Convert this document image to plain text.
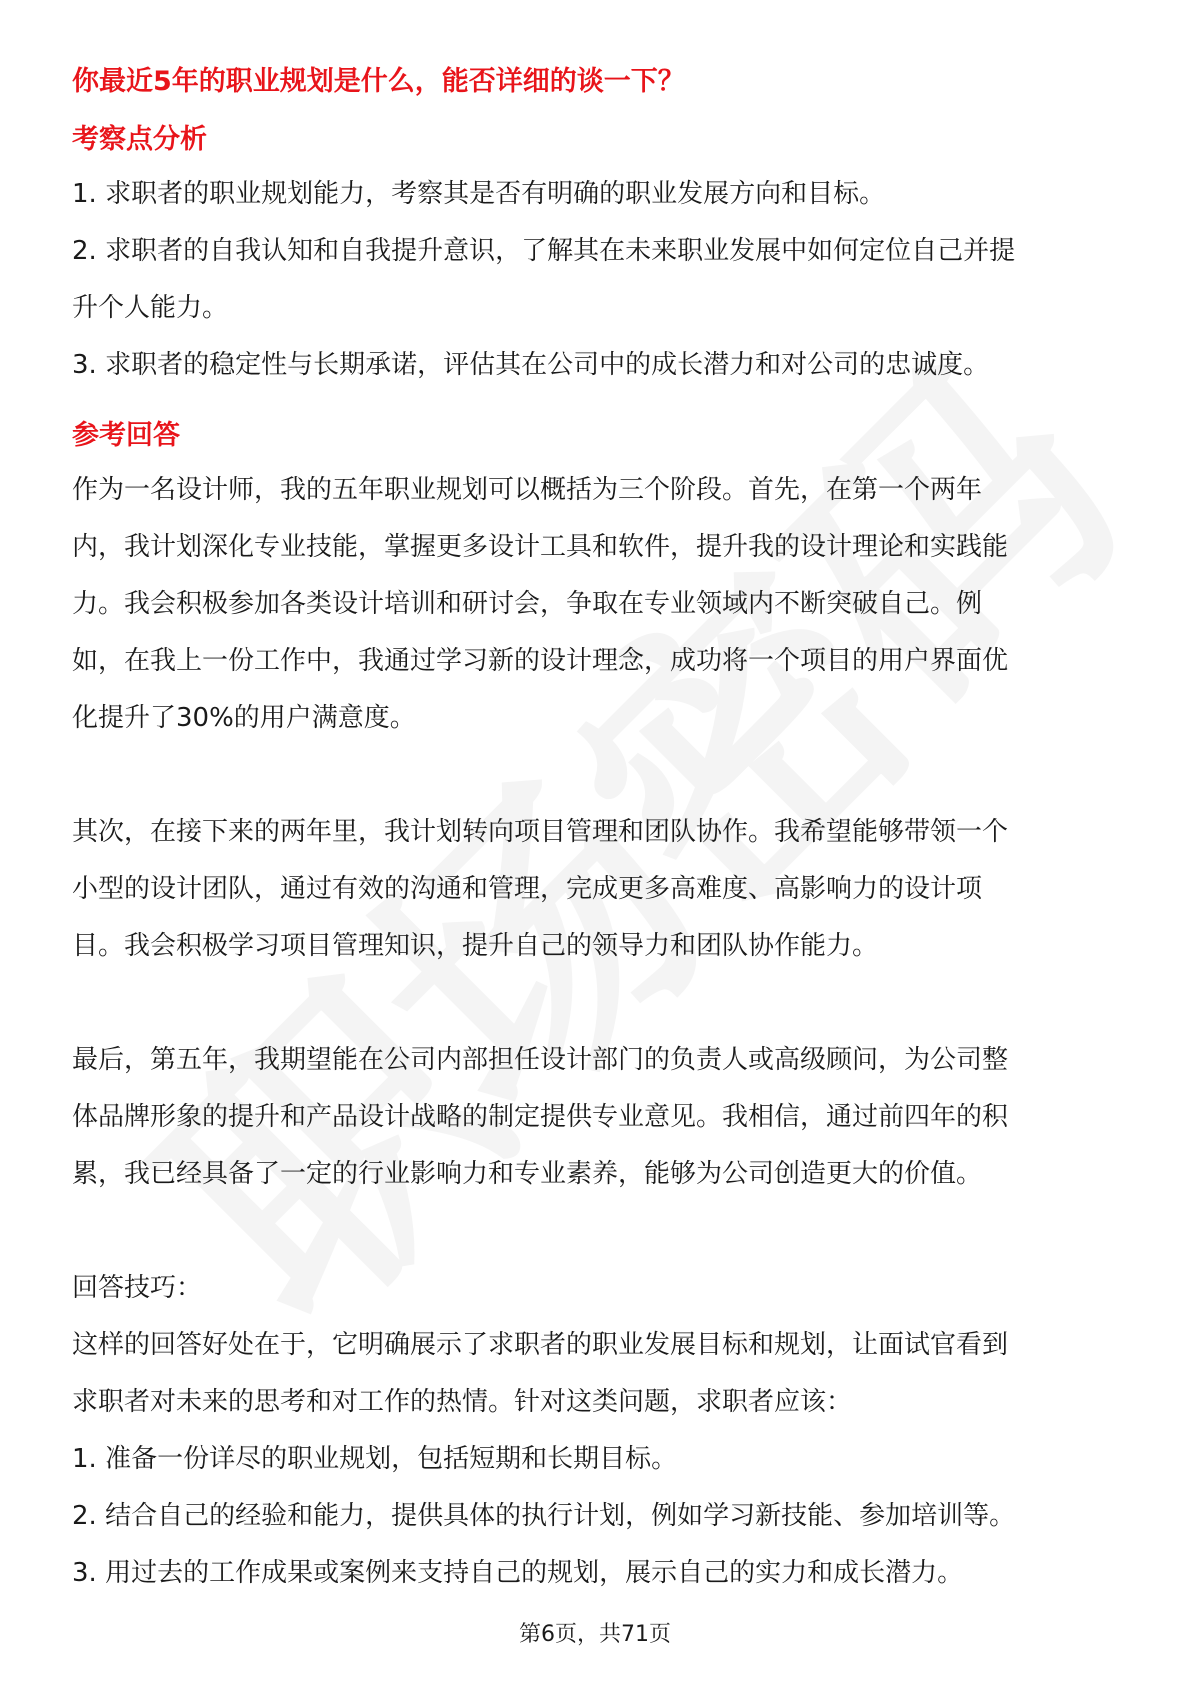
你最近5年的职业规划是什么，能否详细的谈一下？

考察点分析

1. 求职者的职业规划能力，考察其是否有明确的职业发展方向和目标。

2. 求职者的自我认知和自我提升意识，了解其在未来职业发展中如何定位自己并提

升个人能力。

3. 求职者的稳定性与长期承诺，评估其在公司中的成长潜力和对公司的忠诚度。

参考回答

作为一名设计师，我的五年职业规划可以概括为三个阶段。首先，在第一个两年

内，我计划深化专业技能，掌握更多设计工具和软件，提升我的设计理论和实践能

力。我会积极参加各类设计培训和研讨会，争取在专业领域内不断突破自己。例

如，在我上一份工作中，我通过学习新的设计理念，成功将一个项目的用户界面优

化提升了30%的用户满意度。

其次，在接下来的两年里，我计划转向项目管理和团队协作。我希望能够带领一个

小型的设计团队，通过有效的沟通和管理，完成更多高难度、高影响力的设计项

目。我会积极学习项目管理知识，提升自己的领导力和团队协作能力。

最后，第五年，我期望能在公司内部担任设计部门的负责人或高级顾问，为公司整

体品牌形象的提升和产品设计战略的制定提供专业意见。我相信，通过前四年的积

累，我已经具备了一定的行业影响力和专业素养，能够为公司创造更大的价值。

回答技巧：

这样的回答好处在于，它明确展示了求职者的职业发展目标和规划，让面试官看到

求职者对未来的思考和对工作的热情。针对这类问题，求职者应该：

1. 准备一份详尽的职业规划，包括短期和长期目标。

2. 结合自己的经验和能力，提供具体的执行计划，例如学习新技能、参加培训等。

3. 用过去的工作成果或案例来支持自己的规划，展示自己的实力和成长潜力。

第6页，共71页
